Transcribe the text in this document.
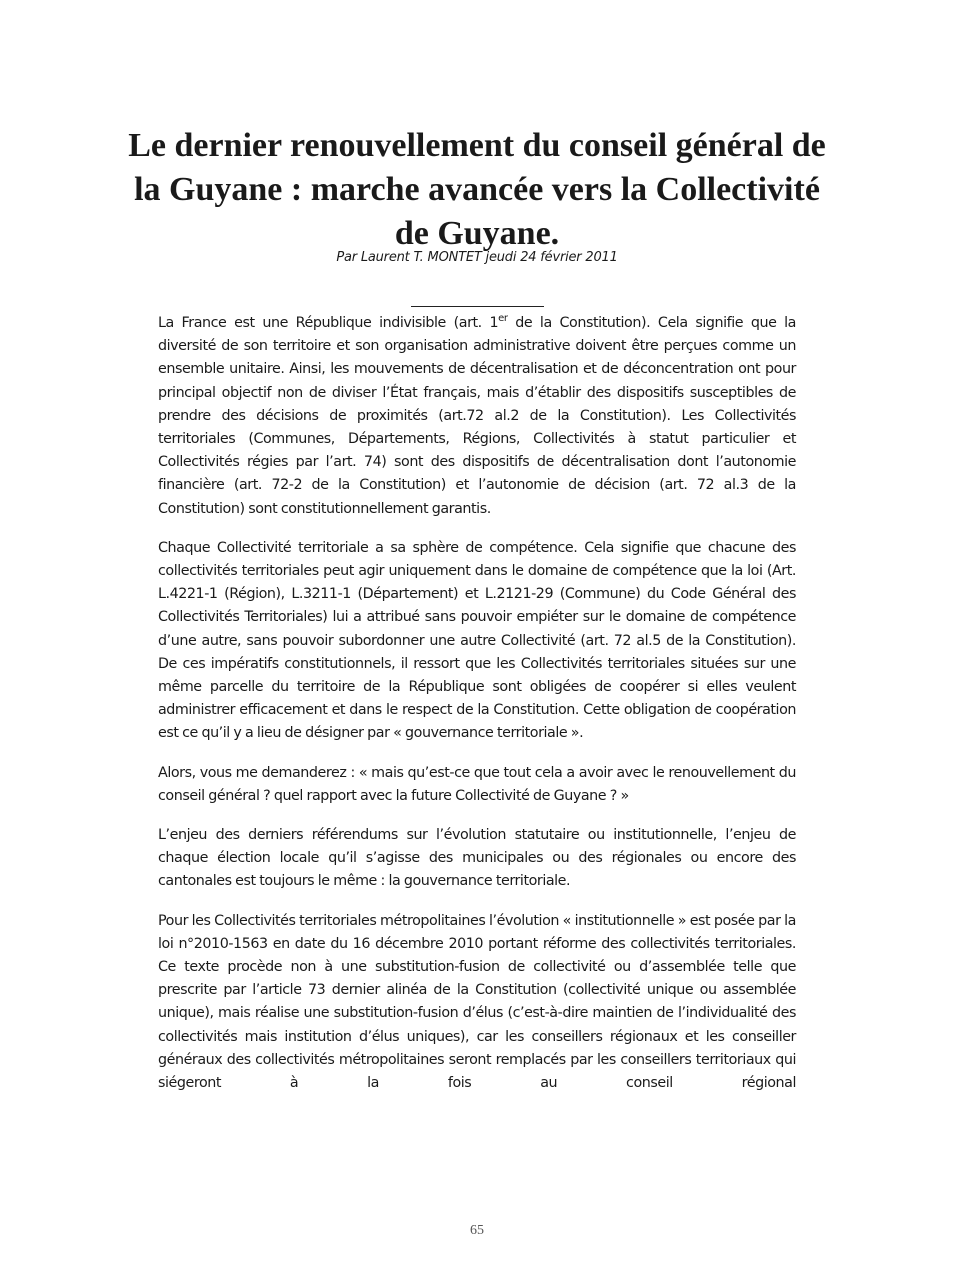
Le dernier renouvellement du conseil général de la Guyane : marche avancée vers la Collectivité de Guyane.
Par Laurent T. MONTET jeudi 24 février 2011

La France est une République indivisible (art. 1er de la Constitution). Cela signifie que la diversité de son territoire et son organisation administrative doivent être perçues comme un ensemble unitaire. Ainsi, les mouvements de décentralisation et de déconcentration ont pour principal objectif non de diviser l’État français, mais d’établir des dispositifs susceptibles de prendre des décisions de proximités (art.72 al.2 de la Constitution). Les Collectivités territoriales (Communes, Départements, Régions, Collectivités à statut particulier et Collectivités régies par l’art. 74) sont des dispositifs de décentralisation dont l’autonomie financière (art. 72-2 de la Constitution) et l’autonomie de décision (art. 72 al.3 de la Constitution) sont constitutionnellement garantis.

Chaque Collectivité territoriale a sa sphère de compétence. Cela signifie que chacune des collectivités territoriales peut agir uniquement dans le domaine de compétence que la loi (Art. L.4221-1 (Région), L.3211-1 (Département) et L.2121-29 (Commune) du Code Général des Collectivités Territoriales) lui a attribué sans pouvoir empiéter sur le domaine de compétence d’une autre, sans pouvoir subordonner une autre Collectivité (art. 72 al.5 de la Constitution). De ces impératifs constitutionnels, il ressort que les Collectivités territoriales situées sur une même parcelle du territoire de la République sont obligées de coopérer si elles veulent administrer efficacement et dans le respect de la Constitution. Cette obligation de coopération est ce qu’il y a lieu de désigner par « gouvernance territoriale ».

Alors, vous me demanderez : « mais qu’est-ce que tout cela a avoir avec le renouvellement du conseil général ? quel rapport avec la future Collectivité de Guyane ? »

L’enjeu des derniers référendums sur l’évolution statutaire ou institutionnelle, l’enjeu de chaque élection locale qu’il s’agisse des municipales ou des régionales ou encore des cantonales est toujours le même : la gouvernance territoriale.

Pour les Collectivités territoriales métropolitaines l’évolution « institutionnelle » est posée par la loi n°2010-1563 en date du 16 décembre 2010 portant réforme des collectivités territoriales. Ce texte procède non à une substitution-fusion de collectivité ou d’assemblée telle que prescrite par l’article 73 dernier alinéa de la Constitution (collectivité unique ou assemblée unique), mais réalise une substitution-fusion d’élus (c’est-à-dire maintien de l’individualité des collectivités mais institution d’élus uniques), car les conseillers régionaux et les conseiller généraux des collectivités métropolitaines seront remplacés par les conseillers territoriaux qui siégeront à la fois au conseil régional

65
